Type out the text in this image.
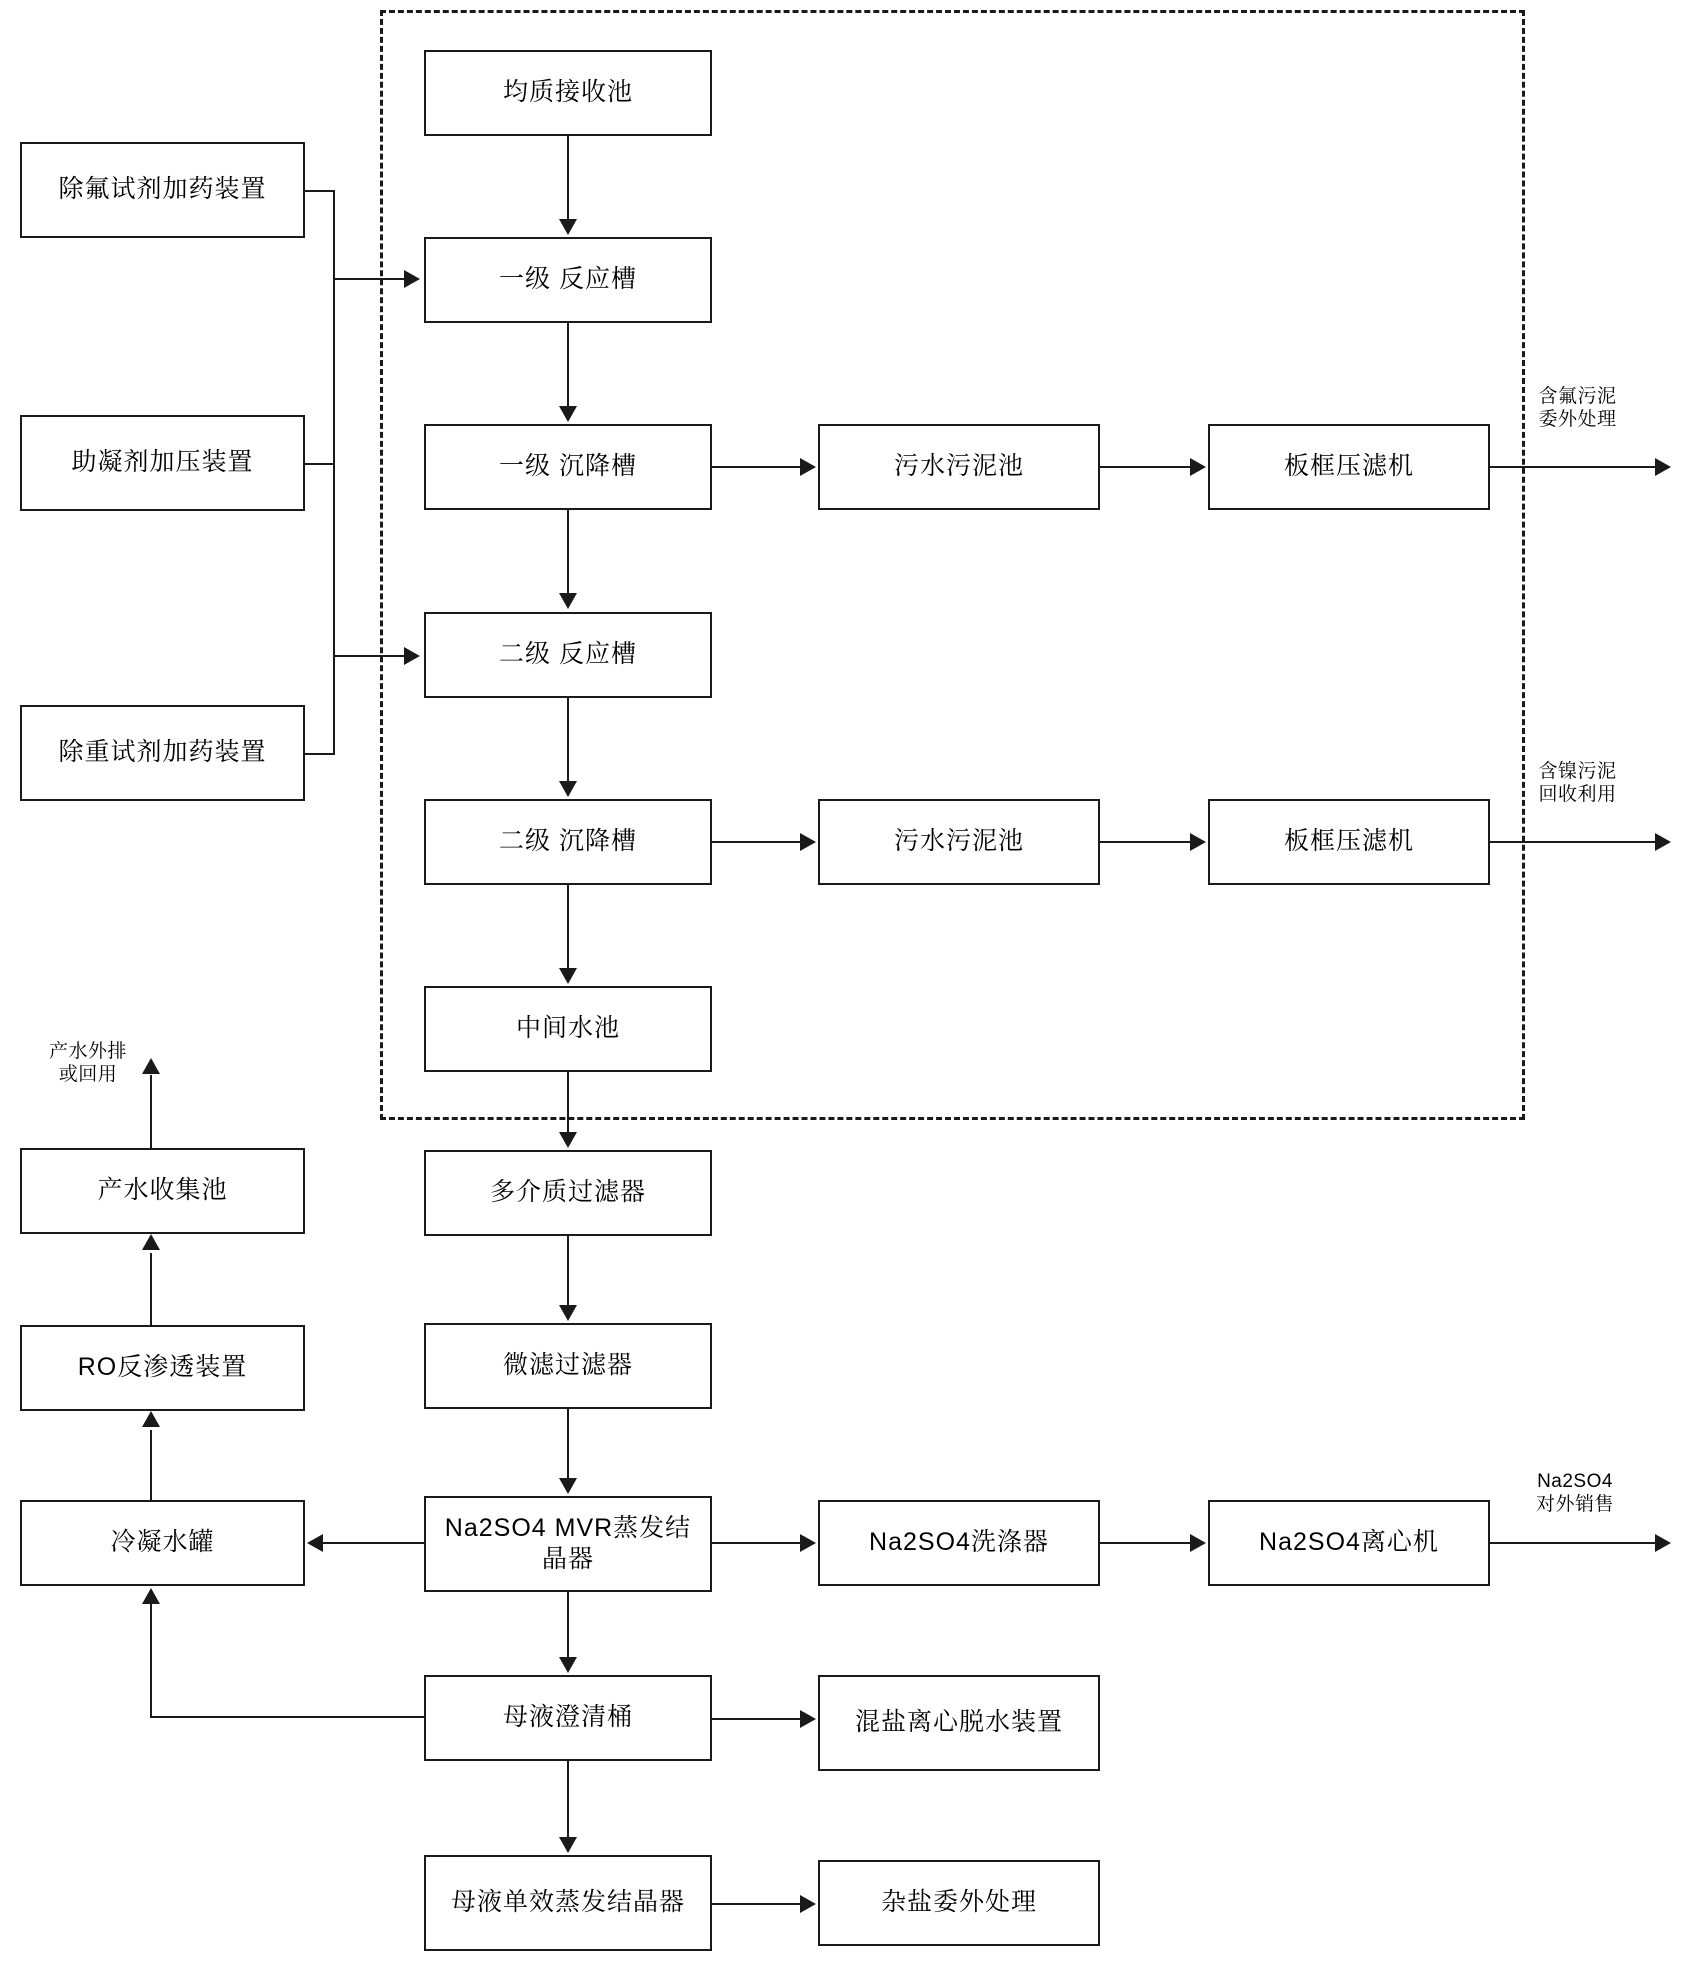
均质接收池
一级 反应槽
一级 沉降槽
二级 反应槽
二级 沉降槽
中间水池
多介质过滤器
微滤过滤器
Na2SO4 MVR蒸发结晶器
母液澄清桶
母液单效蒸发结晶器
除氟试剂加药装置
助凝剂加压装置
除重试剂加药装置
污水污泥池	板框压滤机
污水污泥池	板框压滤机
Na2SO4洗涤器	Na2SO4离心机
混盐离心脱水装置
杂盐委外处理
冷凝水罐
RO反渗透装置
产水收集池
含氟污泥
委外处理
含镍污泥
回收利用
Na2SO4
对外销售
产水外排
或回用
